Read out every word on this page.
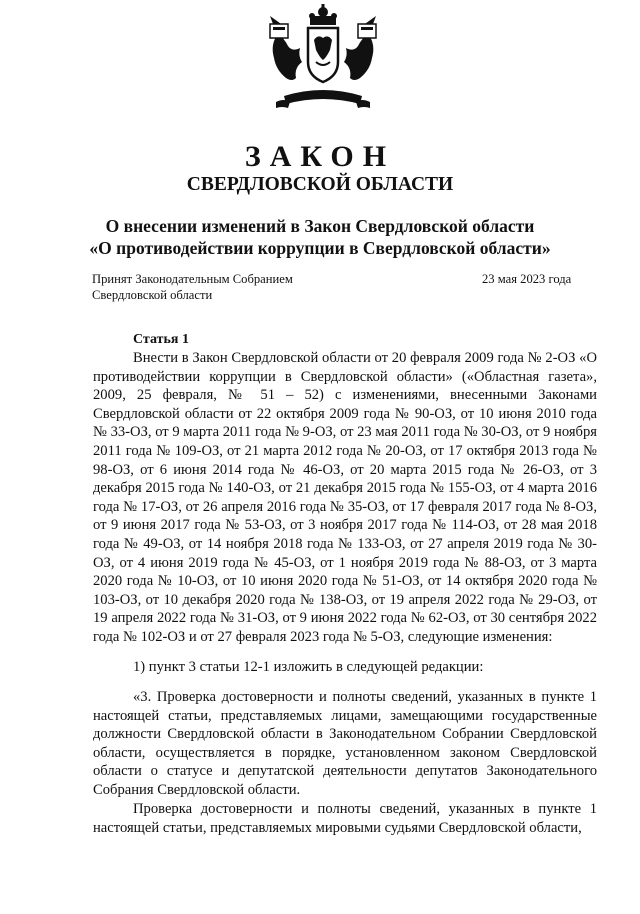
ЗАКОН
СВЕРДЛОВСКОЙ ОБЛАСТИ
О внесении изменений в Закон Свердловской области
«О противодействии коррупции в Свердловской области»
Принят Законодательным Собранием
Свердловской области
23 мая 2023 года
Статья 1

Внести в Закон Свердловской области от 20 февраля 2009 года № 2-ОЗ «О противодействии коррупции в Свердловской области» («Областная газета», 2009, 25 февраля, № 51 – 52) с изменениями, внесенными Законами Свердловской области от 22 октября 2009 года № 90-ОЗ, от 10 июня 2010 года № 33-ОЗ, от 9 марта 2011 года № 9-ОЗ, от 23 мая 2011 года № 30-ОЗ, от 9 ноября 2011 года № 109-ОЗ, от 21 марта 2012 года № 20-ОЗ, от 17 октября 2013 года № 98-ОЗ, от 6 июня 2014 года № 46-ОЗ, от 20 марта 2015 года № 26-ОЗ, от 3 декабря 2015 года № 140-ОЗ, от 21 декабря 2015 года № 155-ОЗ, от 4 марта 2016 года № 17-ОЗ, от 26 апреля 2016 года № 35-ОЗ, от 17 февраля 2017 года № 8-ОЗ, от 9 июня 2017 года № 53-ОЗ, от 3 ноября 2017 года № 114-ОЗ, от 28 мая 2018 года № 49-ОЗ, от 14 ноября 2018 года № 133-ОЗ, от 27 апреля 2019 года № 30-ОЗ, от 4 июня 2019 года № 45-ОЗ, от 1 ноября 2019 года № 88-ОЗ, от 3 марта 2020 года № 10-ОЗ, от 10 июня 2020 года № 51-ОЗ, от 14 октября 2020 года № 103-ОЗ, от 10 декабря 2020 года № 138-ОЗ, от 19 апреля 2022 года № 29-ОЗ, от 19 апреля 2022 года № 31-ОЗ, от 9 июня 2022 года № 62-ОЗ, от 30 сентября 2022 года № 102-ОЗ и от 27 февраля 2023 года № 5-ОЗ, следующие изменения:

1) пункт 3 статьи 12-1 изложить в следующей редакции:

«3. Проверка достоверности и полноты сведений, указанных в пункте 1 настоящей статьи, представляемых лицами, замещающими государственные должности Свердловской области в Законодательном Собрании Свердловской области, осуществляется в порядке, установленном законом Свердловской области о статусе и депутатской деятельности депутатов Законодательного Собрания Свердловской области.

Проверка достоверности и полноты сведений, указанных в пункте 1 настоящей статьи, представляемых мировыми судьями Свердловской области,
